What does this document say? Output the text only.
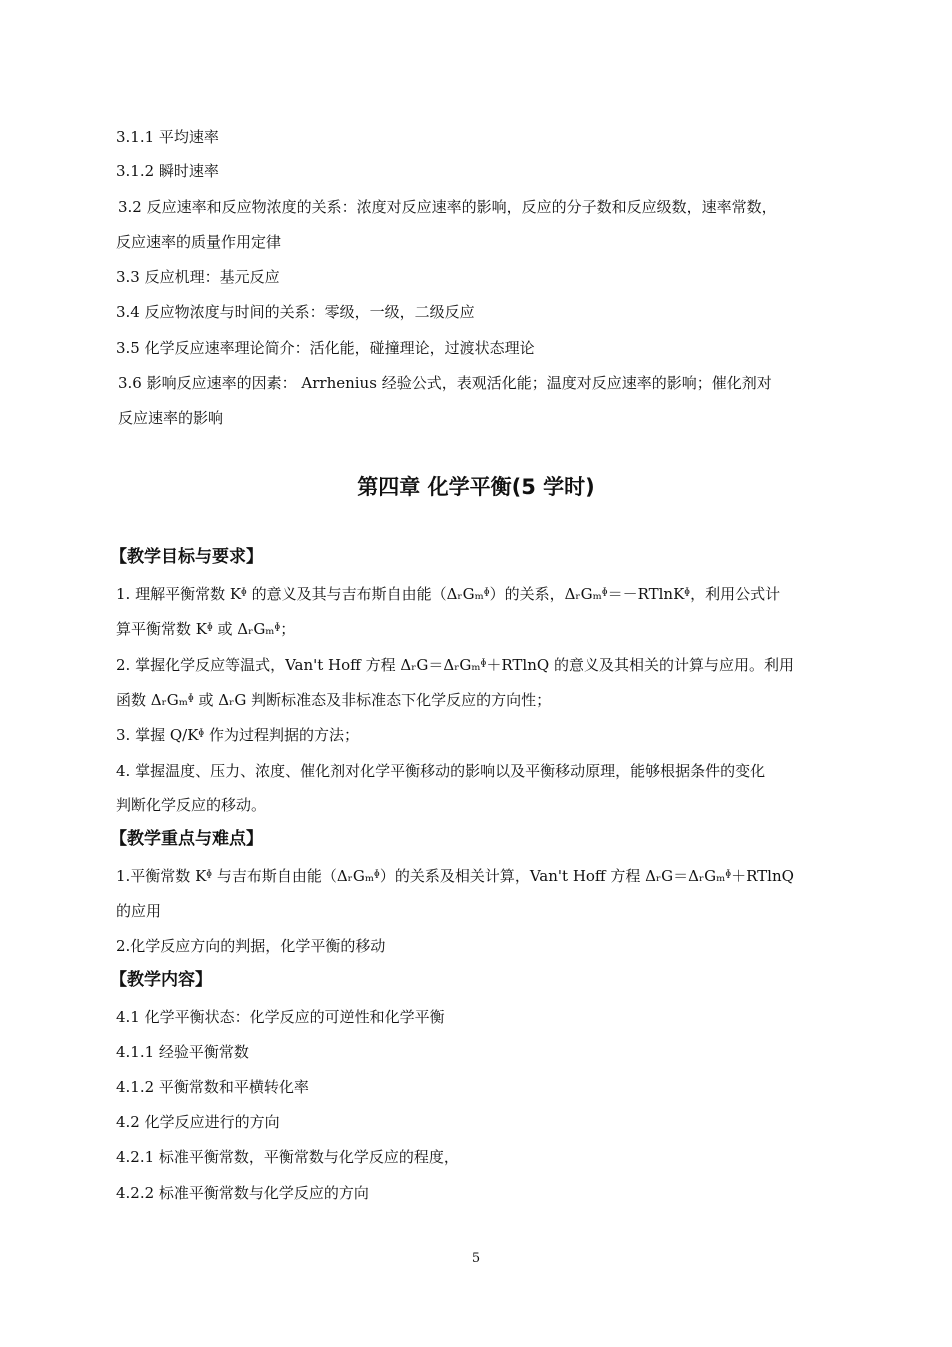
3.1.1 平均速率
3.1.2 瞬时速率
3.2 反应速率和反应物浓度的关系：浓度对反应速率的影响，反应的分子数和反应级数，速率常数，
反应速率的质量作用定律
3.3 反应机理：基元反应
3.4 反应物浓度与时间的关系：零级，一级，二级反应
3.5 化学反应速率理论简介：活化能，碰撞理论，过渡状态理论
3.6 影响反应速率的因素： Arrhenius 经验公式，表观活化能；温度对反应速率的影响；催化剂对
反应速率的影响
第四章 化学平衡(5 学时)
【教学目标与要求】
1. 理解平衡常数 Kᶲ 的意义及其与吉布斯自由能（ΔᵣGₘᶲ）的关系，ΔᵣGₘᶲ＝－RTlnKᶲ，利用公式计
算平衡常数 Kᶲ 或 ΔᵣGₘᶲ；
2. 掌握化学反应等温式，Van't Hoff 方程 ΔᵣG＝ΔᵣGₘᶲ＋RTlnQ 的意义及其相关的计算与应用。利用
函数 ΔᵣGₘᶲ 或 ΔᵣG 判断标准态及非标准态下化学反应的方向性；
3. 掌握 Q/Kᶲ 作为过程判据的方法；
4. 掌握温度、压力、浓度、催化剂对化学平衡移动的影响以及平衡移动原理，能够根据条件的变化
判断化学反应的移动。
【教学重点与难点】
1.平衡常数 Kᶲ 与吉布斯自由能（ΔᵣGₘᶲ）的关系及相关计算，Van't Hoff 方程 ΔᵣG＝ΔᵣGₘᶲ＋RTlnQ
的应用
2.化学反应方向的判据，化学平衡的移动
【教学内容】
4.1 化学平衡状态：化学反应的可逆性和化学平衡
4.1.1 经验平衡常数
4.1.2 平衡常数和平横转化率
4.2 化学反应进行的方向
4.2.1 标准平衡常数，平衡常数与化学反应的程度，
4.2.2 标准平衡常数与化学反应的方向
5
